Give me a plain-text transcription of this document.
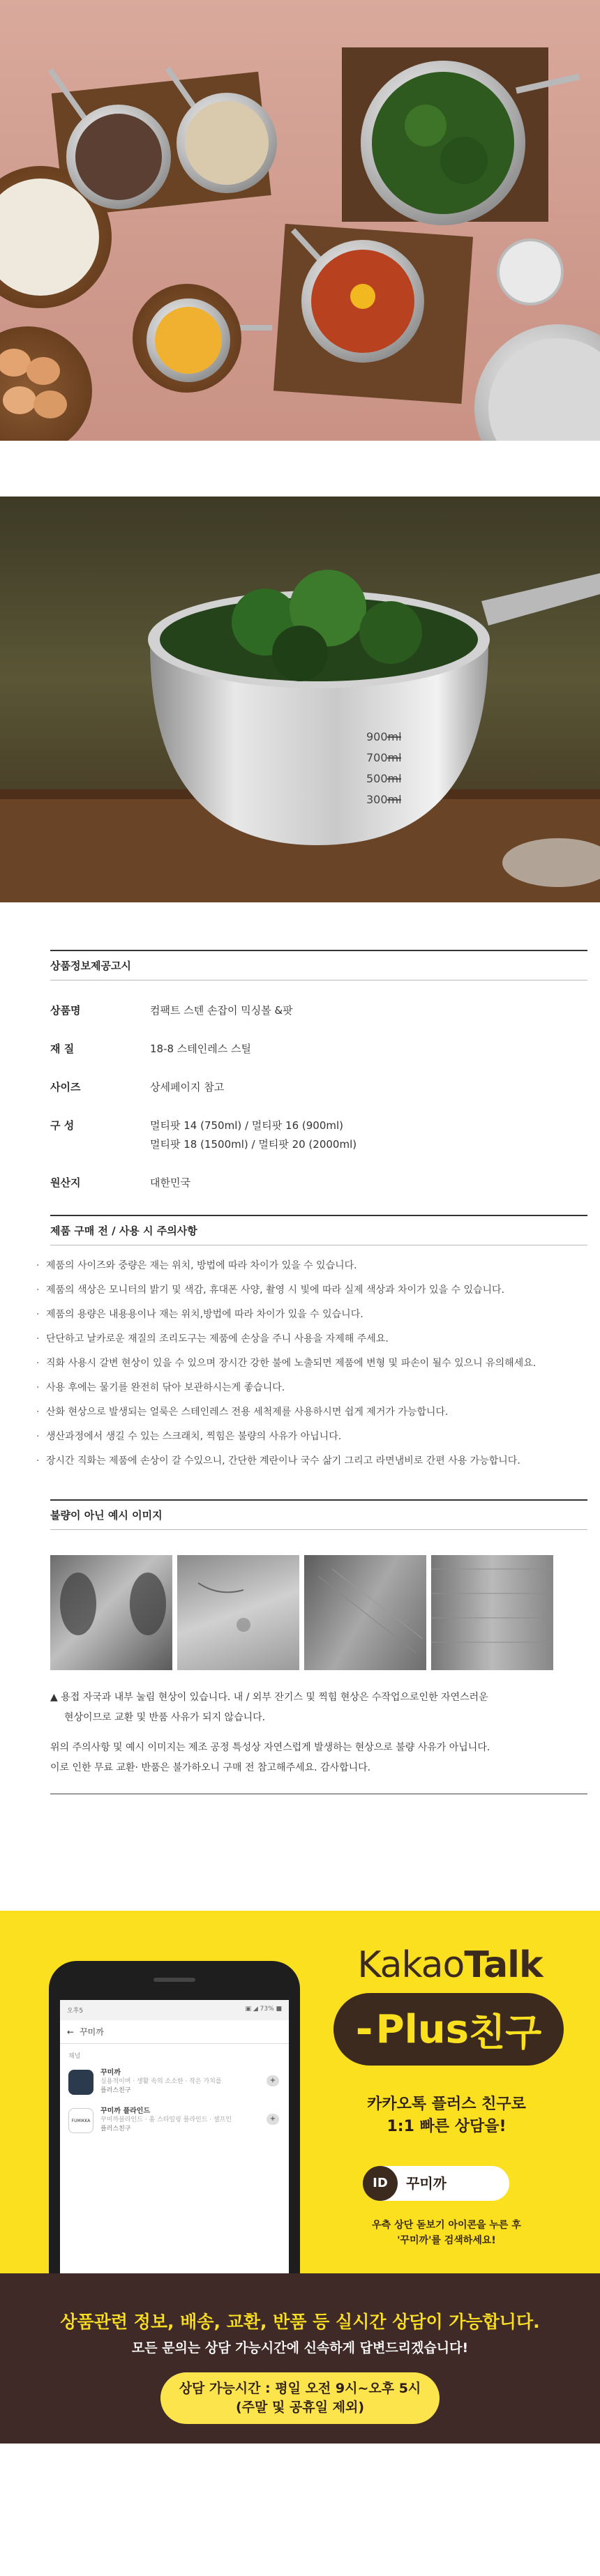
900ml
700ml
500ml
300ml
상품정보제공고시
상품명	컴팩트 스텐 손잡이 믹싱볼 &팟
재 질	18-8 스테인레스 스틸
사이즈	상세페이지 참고
구 성	멀티팟 14 (750ml) / 멀티팟 16 (900ml)
멀티팟 18 (1500ml) / 멀티팟 20 (2000ml)
원산지	대한민국
제품 구매 전 / 사용 시 주의사항
· 제품의 사이즈와 중량은 재는 위치, 방법에 따라 차이가 있을 수 있습니다.
· 제품의 색상은 모니터의 밝기 및 색감, 휴대폰 사양, 촬영 시 빛에 따라 실제 색상과 차이가 있을 수 있습니다.
· 제품의 용량은 내용용이나 재는 위치,방법에 따라 차이가 있을 수 있습니다.
· 단단하고 날카로운 재질의 조리도구는 제품에 손상을 주니 사용을 자제해 주세요.
· 직화 사용시 갈변 현상이 있을 수 있으며 장시간 강한 불에 노출되면 제품에 변형 및 파손이 될수 있으니 유의해세요.
· 사용 후에는 물기를 완전히 닦아 보관하시는게 좋습니다.
· 산화 현상으로 발생되는 얼룩은 스테인레스 전용 세척제를 사용하시면 쉽게 제거가 가능합니다.
· 생산과정에서 생길 수 있는 스크래치, 찍힘은 불량의 사유가 아닙니다.
· 장시간 직화는 제품에 손상이 갈 수있으니, 간단한 계란이나 국수 삶기 그리고 라면냄비로 간편 사용 가능합니다.
불량이 아닌 예시 이미지
▲ 용접 자국과 내부 눌림 현상이 있습니다. 내 / 외부 잔기스 및 찍힘 현상은 수작업으로인한 자연스러운
현상이므로 교환 및 반품 사유가 되지 않습니다.
위의 주의사항 및 예시 이미지는 제조 공정 특성상 자연스럽게 발생하는 현상으로 불량 사유가 아닙니다.
이로 인한 무료 교환· 반품은 불가하오니 구매 전 참고해주세요. 감사합니다.
오후5	▣ ◢ 73% ■
← 꾸미까
채널
꾸미까
실용적이며 · 생활 속의 소소한 · 작은 가치를
플러스친구
+
FUMIKKA
꾸미까 플라인드
꾸미까블라인드 · 홈 스타일링 플라인드 · 셀프인
플러스친구
+
KakaoTalk
- Plus 친구
카카오톡 플러스 친구로
1:1 빠른 상담을!
ID	꾸미까
우측 상단 돋보기 아이콘을 누른 후
'꾸미까'를 검색하세요!
상품관련 정보, 배송, 교환, 반품 등 실시간 상담이 가능합니다.
모든 문의는 상담 가능시간에 신속하게 답변드리겠습니다!
상담 가능시간 : 평일 오전 9시~오후 5시
(주말 및 공휴일 제외)
